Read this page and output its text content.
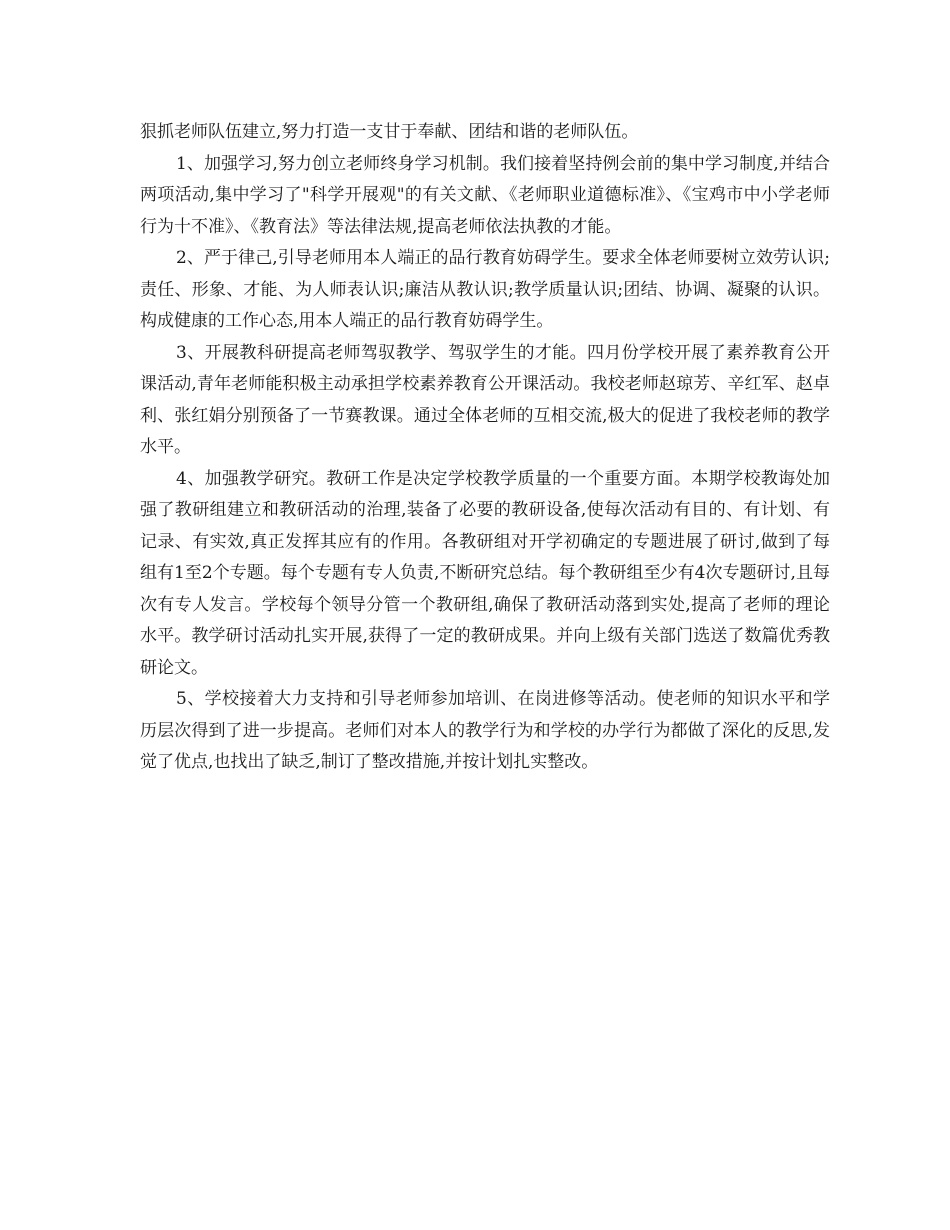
狠抓老师队伍建立,努力打造一支甘于奉献、团结和谐的老师队伍。

1、加强学习,努力创立老师终身学习机制。我们接着坚持例会前的集中学习制度,并结合两项活动,集中学习了"科学开展观"的有关文献、《老师职业道德标准》、《宝鸡市中小学老师行为十不准》、《教育法》等法律法规,提高老师依法执教的才能。

2、严于律己,引导老师用本人端正的品行教育妨碍学生。要求全体老师要树立效劳认识;责任、形象、才能、为人师表认识;廉洁从教认识;教学质量认识;团结、协调、凝聚的认识。构成健康的工作心态,用本人端正的品行教育妨碍学生。

3、开展教科研提高老师驾驭教学、驾驭学生的才能。四月份学校开展了素养教育公开课活动,青年老师能积极主动承担学校素养教育公开课活动。我校老师赵琼芳、辛红军、赵卓利、张红娟分别预备了一节赛教课。通过全体老师的互相交流,极大的促进了我校老师的教学水平。

4、加强教学研究。教研工作是决定学校教学质量的一个重要方面。本期学校教诲处加强了教研组建立和教研活动的治理,装备了必要的教研设备,使每次活动有目的、有计划、有记录、有实效,真正发挥其应有的作用。各教研组对开学初确定的专题进展了研讨,做到了每组有1至2个专题。每个专题有专人负责,不断研究总结。每个教研组至少有4次专题研讨,且每次有专人发言。学校每个领导分管一个教研组,确保了教研活动落到实处,提高了老师的理论水平。教学研讨活动扎实开展,获得了一定的教研成果。并向上级有关部门选送了数篇优秀教研论文。

5、学校接着大力支持和引导老师参加培训、在岗进修等活动。使老师的知识水平和学历层次得到了进一步提高。老师们对本人的教学行为和学校的办学行为都做了深化的反思,发觉了优点,也找出了缺乏,制订了整改措施,并按计划扎实整改。
